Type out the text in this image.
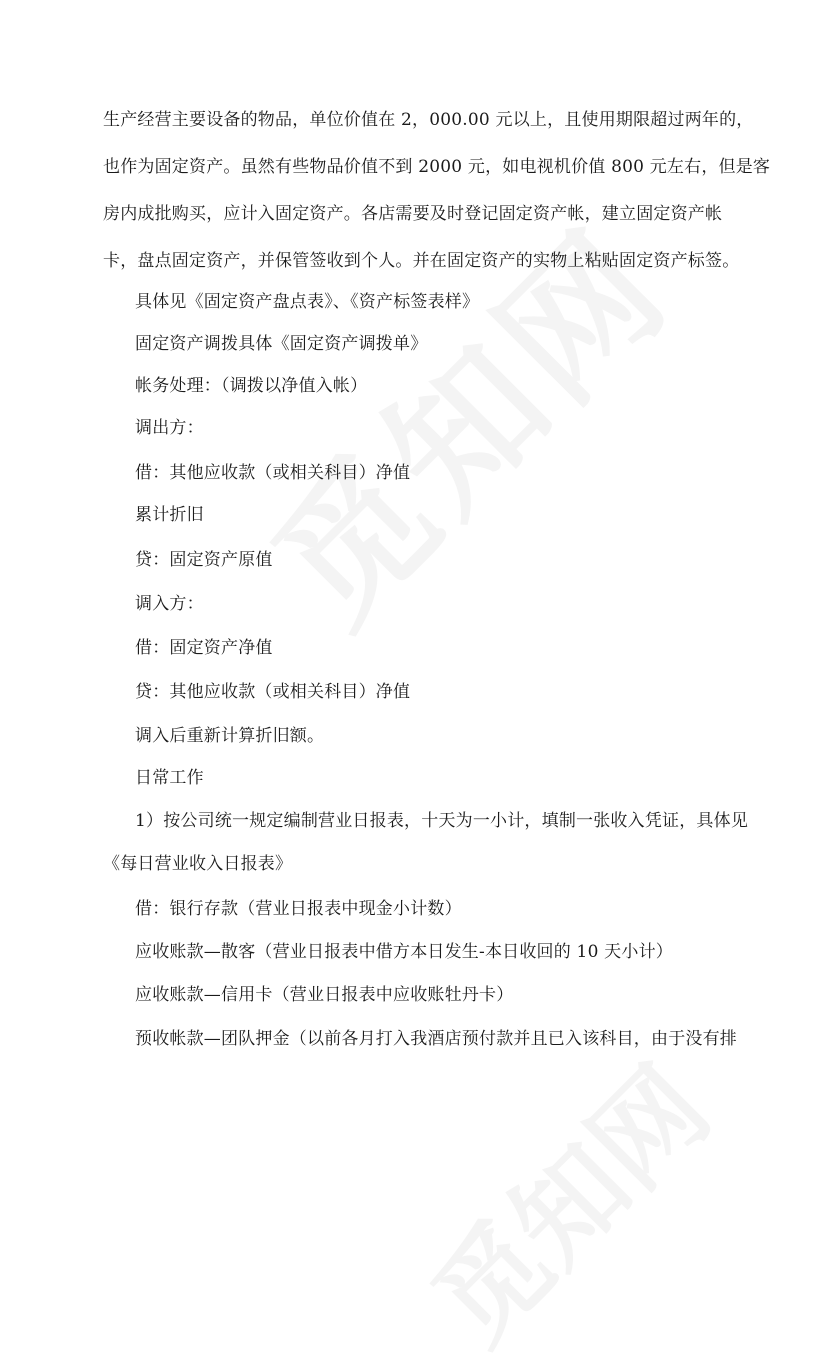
生产经营主要设备的物品，单位价值在 2，000.00 元以上，且使用期限超过两年的，
也作为固定资产。虽然有些物品价值不到 2000 元，如电视机价值 800 元左右，但是客
房内成批购买，应计入固定资产。各店需要及时登记固定资产帐，建立固定资产帐
卡，盘点固定资产，并保管签收到个人。并在固定资产的实物上粘贴固定资产标签。
具体见《固定资产盘点表》、《资产标签表样》
固定资产调拨具体《固定资产调拨单》
帐务处理：（调拨以净值入帐）
调出方：
借：其他应收款（或相关科目）净值
累计折旧
贷：固定资产原值
调入方：
借：固定资产净值
贷：其他应收款（或相关科目）净值
调入后重新计算折旧额。
日常工作
1）按公司统一规定编制营业日报表，十天为一小计，填制一张收入凭证，具体见
《每日营业收入日报表》
借：银行存款（营业日报表中现金小计数）
应收账款—散客（营业日报表中借方本日发生-本日收回的 10 天小计）
应收账款—信用卡（营业日报表中应收账牡丹卡）
预收帐款—团队押金（以前各月打入我酒店预付款并且已入该科目，由于没有排
